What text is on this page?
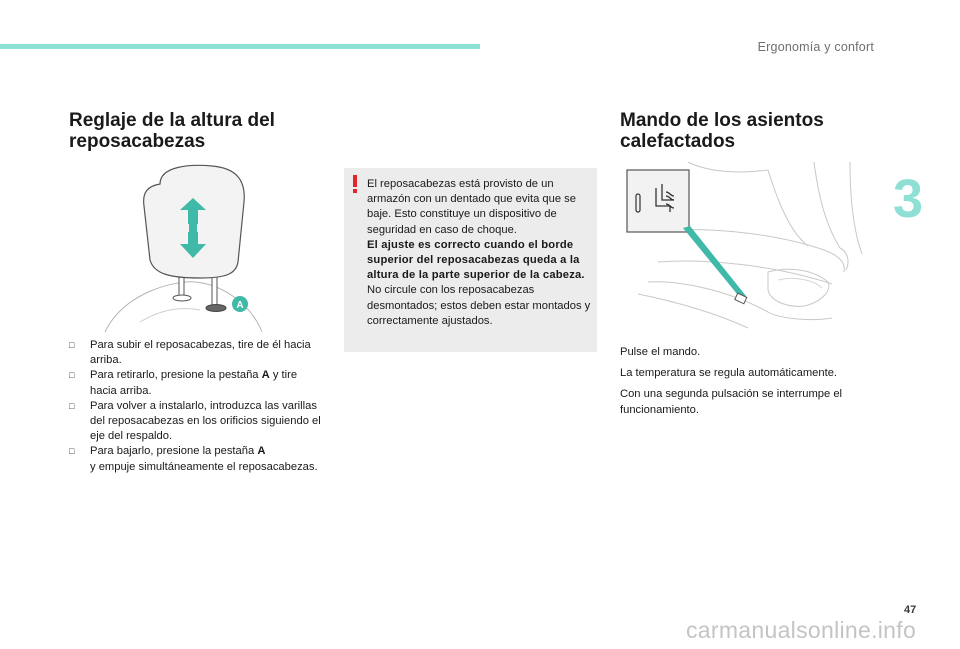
Ergonomía y confort
3
Reglaje de la altura del
reposacabezas
A
□ Para subir el reposacabezas, tire de él hacia arriba.
□ Para retirarlo, presione la pestaña A y tire hacia arriba.
□ Para volver a instalarlo, introduzca las varillas del reposacabezas en los orificios siguiendo el eje del respaldo.
□ Para bajarlo, presione la pestaña A
y empuje simultáneamente el reposacabezas.
El reposacabezas está provisto de un armazón con un dentado que evita que se baje. Esto constituye un dispositivo de seguridad en caso de choque.
El ajuste es correcto cuando el borde superior del reposacabezas queda a la altura de la parte superior de la cabeza.
No circule con los reposacabezas desmontados; estos deben estar montados y correctamente ajustados.
Mando de los asientos
calefactados

Pulse el mando.

La temperatura se regula automáticamente.

Con una segunda pulsación se interrumpe el funcionamiento.

47
carmanualsonline.info
